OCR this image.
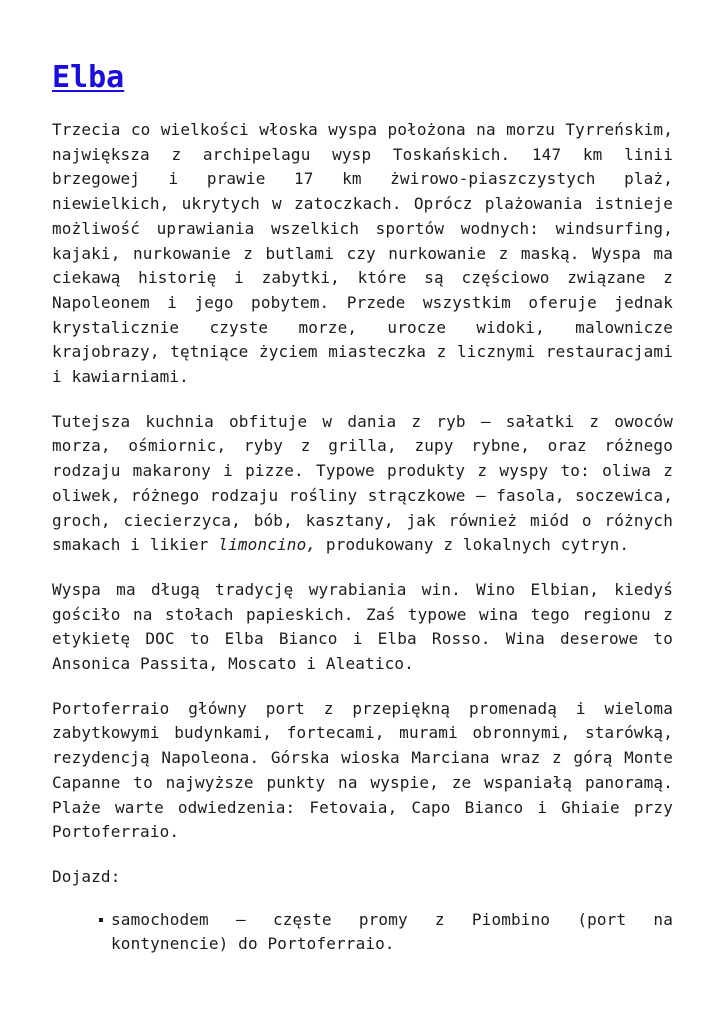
Elba

Trzecia co wielkości włoska wyspa położona na morzu Tyrreńskim, największa z archipelagu wysp Toskańskich. 147 km linii brzegowej i prawie 17 km żwirowo-piaszczystych plaż, niewielkich, ukrytych w zatoczkach. Oprócz plażowania istnieje możliwość uprawiania wszelkich sportów wodnych: windsurfing, kajaki, nurkowanie z butlami czy nurkowanie z maską. Wyspa ma ciekawą historię i zabytki, które są częściowo związane z Napoleonem i jego pobytem. Przede wszystkim oferuje jednak krystalicznie czyste morze, urocze widoki, malownicze krajobrazy, tętniące życiem miasteczka z licznymi restauracjami i kawiarniami.

Tutejsza kuchnia obfituje w dania z ryb – sałatki z owoców morza, ośmiornic, ryby z grilla, zupy rybne, oraz różnego rodzaju makarony i pizze. Typowe produkty z wyspy to: oliwa z oliwek, różnego rodzaju rośliny strączkowe – fasola, soczewica, groch, ciecierzyca, bób, kasztany, jak również miód o różnych smakach i likier limoncino, produkowany z lokalnych cytryn.

Wyspa ma długą tradycję wyrabiania win. Wino Elbian, kiedyś gościło na stołach papieskich. Zaś typowe wina tego regionu z etykietę DOC to Elba Bianco i Elba Rosso. Wina deserowe to Ansonica Passita, Moscato i Aleatico.

Portoferraio główny port z przepiękną promenadą i wieloma zabytkowymi budynkami, fortecami, murami obronnymi, starówką, rezydencją Napoleona. Górska wioska Marciana wraz z górą Monte Capanne to najwyższe punkty na wyspie, ze wspaniałą panoramą. Plaże warte odwiedzenia: Fetovaia, Capo Bianco i Ghiaie przy Portoferraio.

Dojazd:

samochodem – częste promy z Piombino (port na kontynencie) do Portoferraio.
